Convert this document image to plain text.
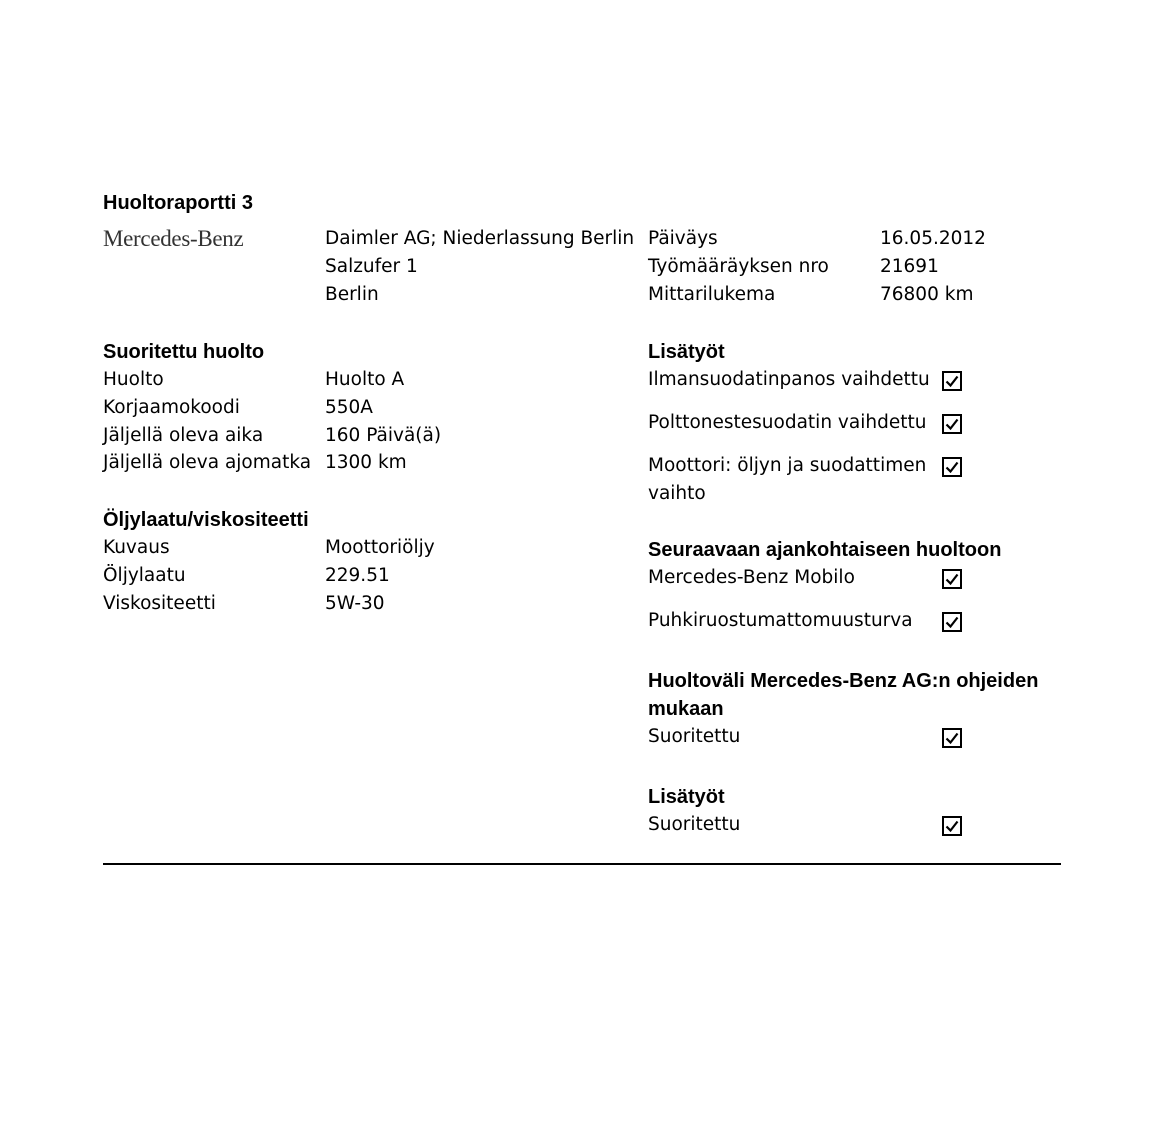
Huoltoraportti 3
Mercedes-Benz	Daimler AG; Niederlassung Berlin
Salzufer 1
Berlin
Päiväys	16.05.2012
Työmääräyksen nro	21691
Mittarilukema	76800 km
Suoritettu huolto
Huolto	Huolto A
Korjaamokoodi	550A
Jäljellä oleva aika	160 Päivä(ä)
Jäljellä oleva ajomatka 1300 km
Öljylaatu/viskositeetti
Kuvaus	Moottoriöljy
Öljylaatu	229.51
Viskositeetti	5W-30
Lisätyöt
Ilmansuodatinpanos vaihdettu
Polttonestesuodatin vaihdettu
Moottori: öljyn ja suodattimen
vaihto
Seuraavaan ajankohtaiseen huoltoon
Mercedes-Benz Mobilo
Puhkiruostumattomuusturva
Huoltoväli Mercedes-Benz AG:n ohjeiden
mukaan
Suoritettu
Lisätyöt
Suoritettu
